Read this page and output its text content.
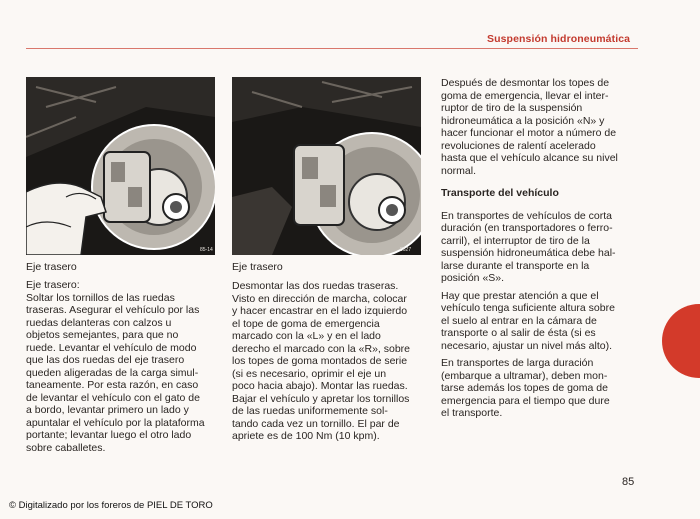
Suspensión hidroneumática
85-14
Eje trasero
8627
Eje trasero
Eje trasero:
Soltar los tornillos de las ruedas
traseras. Asegurar el vehículo por las
ruedas delanteras con calzos u
objetos semejantes, para que no
ruede. Levantar el vehículo de modo
que las dos ruedas del eje trasero
queden aligeradas de la carga simul-
taneamente. Por esta razón, en caso
de levantar el vehículo con el gato de
a bordo, levantar primero un lado y
apuntalar el vehículo por la plataforma
portante; levantar luego el otro lado
sobre caballetes.
Desmontar las dos ruedas traseras.
Visto en dirección de marcha, colocar
y hacer encastrar en el lado izquierdo
el tope de goma de emergencia
marcado con la «L» y en el lado
derecho el marcado con la «R», sobre
los topes de goma montados de serie
(si es necesario, oprimir el eje un
poco hacia abajo). Montar las ruedas.
Bajar el vehículo y apretar los tornillos
de las ruedas uniformemente sol-
tando cada vez un tornillo. El par de
apriete es de 100 Nm (10 kpm).

Después de desmontar los topes de
goma de emergencia, llevar el inter-
ruptor de tiro de la suspensión
hidroneumática a la posición «N» y
hacer funcionar el motor a número de
revoluciones de ralentí acelerado
hasta que el vehículo alcance su nivel
normal.

Transporte del vehículo

En transportes de vehículos de corta
duración (en transportadores o ferro-
carril), el interruptor de tiro de la
suspensión hidroneumática debe hal-
larse durante el transporte en la
posición «S».

Hay que prestar atención a que el
vehículo tenga suficiente altura sobre
el suelo al entrar en la cámara de
transporte o al salir de ésta (si es
necesario, ajustar un nivel más alto).

En transportes de larga duración
(embarque a ultramar), deben mon-
tarse además los topes de goma de
emergencia para el tiempo que dure
el transporte.

85
© Digitalizado por los foreros de PIEL DE TORO
